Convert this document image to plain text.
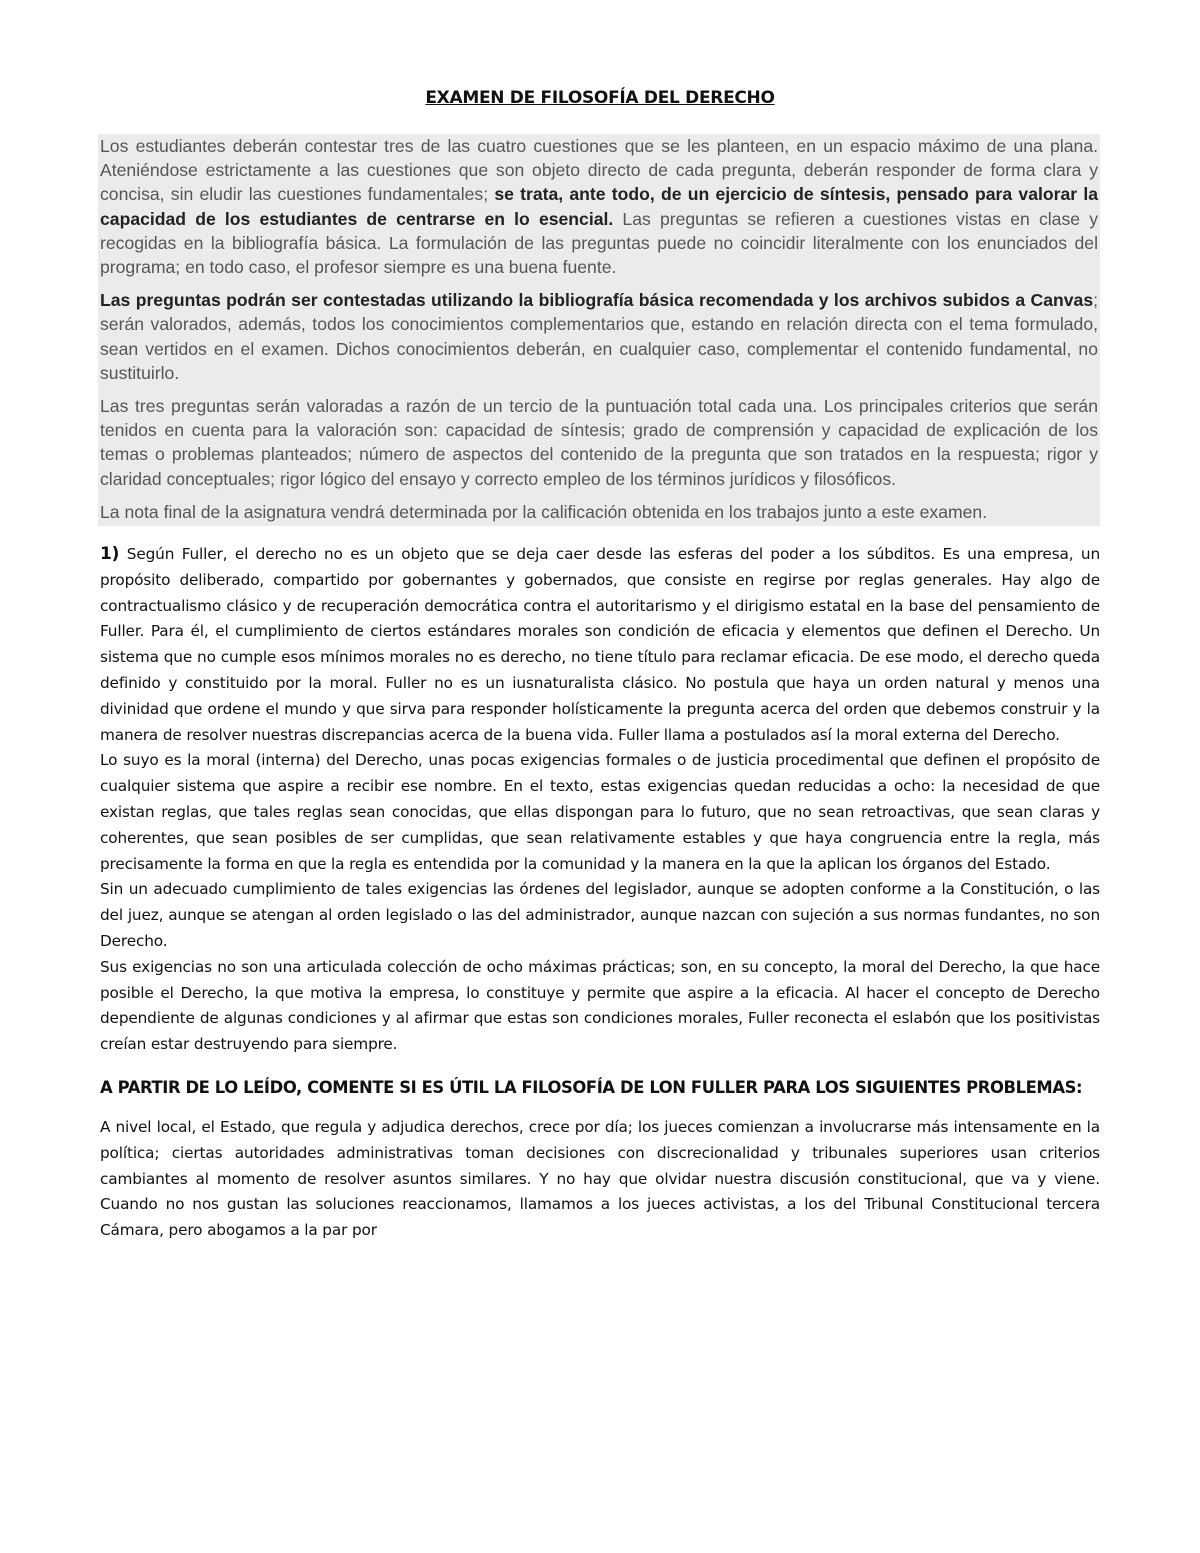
EXAMEN DE FILOSOFÍA DEL DERECHO

Los estudiantes deberán contestar tres de las cuatro cuestiones que se les planteen, en un espacio máximo de una plana. Ateniéndose estrictamente a las cuestiones que son objeto directo de cada pregunta, deberán responder de forma clara y concisa, sin eludir las cuestiones fundamentales; se trata, ante todo, de un ejercicio de síntesis, pensado para valorar la capacidad de los estudiantes de centrarse en lo esencial. Las preguntas se refieren a cuestiones vistas en clase y recogidas en la bibliografía básica. La formulación de las preguntas puede no coincidir literalmente con los enunciados del programa; en todo caso, el profesor siempre es una buena fuente.

Las preguntas podrán ser contestadas utilizando la bibliografía básica recomendada y los archivos subidos a Canvas; serán valorados, además, todos los conocimientos complementarios que, estando en relación directa con el tema formulado, sean vertidos en el examen. Dichos conocimientos deberán, en cualquier caso, complementar el contenido fundamental, no sustituirlo.

Las tres preguntas serán valoradas a razón de un tercio de la puntuación total cada una. Los principales criterios que serán tenidos en cuenta para la valoración son: capacidad de síntesis; grado de comprensión y capacidad de explicación de los temas o problemas planteados; número de aspectos del contenido de la pregunta que son tratados en la respuesta; rigor y claridad conceptuales; rigor lógico del ensayo y correcto empleo de los términos jurídicos y filosóficos.

La nota final de la asignatura vendrá determinada por la calificación obtenida en los trabajos junto a este examen.

1) Según Fuller, el derecho no es un objeto que se deja caer desde las esferas del poder a los súbditos. Es una empresa, un propósito deliberado, compartido por gobernantes y gobernados, que consiste en regirse por reglas generales. Hay algo de contractualismo clásico y de recuperación democrática contra el autoritarismo y el dirigismo estatal en la base del pensamiento de Fuller. Para él, el cumplimiento de ciertos estándares morales son condición de eficacia y elementos que definen el Derecho. Un sistema que no cumple esos mínimos morales no es derecho, no tiene título para reclamar eficacia. De ese modo, el derecho queda definido y constituido por la moral. Fuller no es un iusnaturalista clásico. No postula que haya un orden natural y menos una divinidad que ordene el mundo y que sirva para responder holísticamente la pregunta acerca del orden que debemos construir y la manera de resolver nuestras discrepancias acerca de la buena vida. Fuller llama a postulados así la moral externa del Derecho.

Lo suyo es la moral (interna) del Derecho, unas pocas exigencias formales o de justicia procedimental que definen el propósito de cualquier sistema que aspire a recibir ese nombre. En el texto, estas exigencias quedan reducidas a ocho: la necesidad de que existan reglas, que tales reglas sean conocidas, que ellas dispongan para lo futuro, que no sean retroactivas, que sean claras y coherentes, que sean posibles de ser cumplidas, que sean relativamente estables y que haya congruencia entre la regla, más precisamente la forma en que la regla es entendida por la comunidad y la manera en la que la aplican los órganos del Estado.

Sin un adecuado cumplimiento de tales exigencias las órdenes del legislador, aunque se adopten conforme a la Constitución, o las del juez, aunque se atengan al orden legislado o las del administrador, aunque nazcan con sujeción a sus normas fundantes, no son Derecho.

Sus exigencias no son una articulada colección de ocho máximas prácticas; son, en su concepto, la moral del Derecho, la que hace posible el Derecho, la que motiva la empresa, lo constituye y permite que aspire a la eficacia. Al hacer el concepto de Derecho dependiente de algunas condiciones y al afirmar que estas son condiciones morales, Fuller reconecta el eslabón que los positivistas creían estar destruyendo para siempre.

A PARTIR DE LO LEÍDO, COMENTE SI ES ÚTIL LA FILOSOFÍA DE LON FULLER PARA LOS SIGUIENTES PROBLEMAS:

A nivel local, el Estado, que regula y adjudica derechos, crece por día; los jueces comienzan a involucrarse más intensamente en la política; ciertas autoridades administrativas toman decisiones con discrecionalidad y tribunales superiores usan criterios cambiantes al momento de resolver asuntos similares. Y no hay que olvidar nuestra discusión constitucional, que va y viene. Cuando no nos gustan las soluciones reaccionamos, llamamos a los jueces activistas, a los del Tribunal Constitucional tercera Cámara, pero abogamos a la par por
